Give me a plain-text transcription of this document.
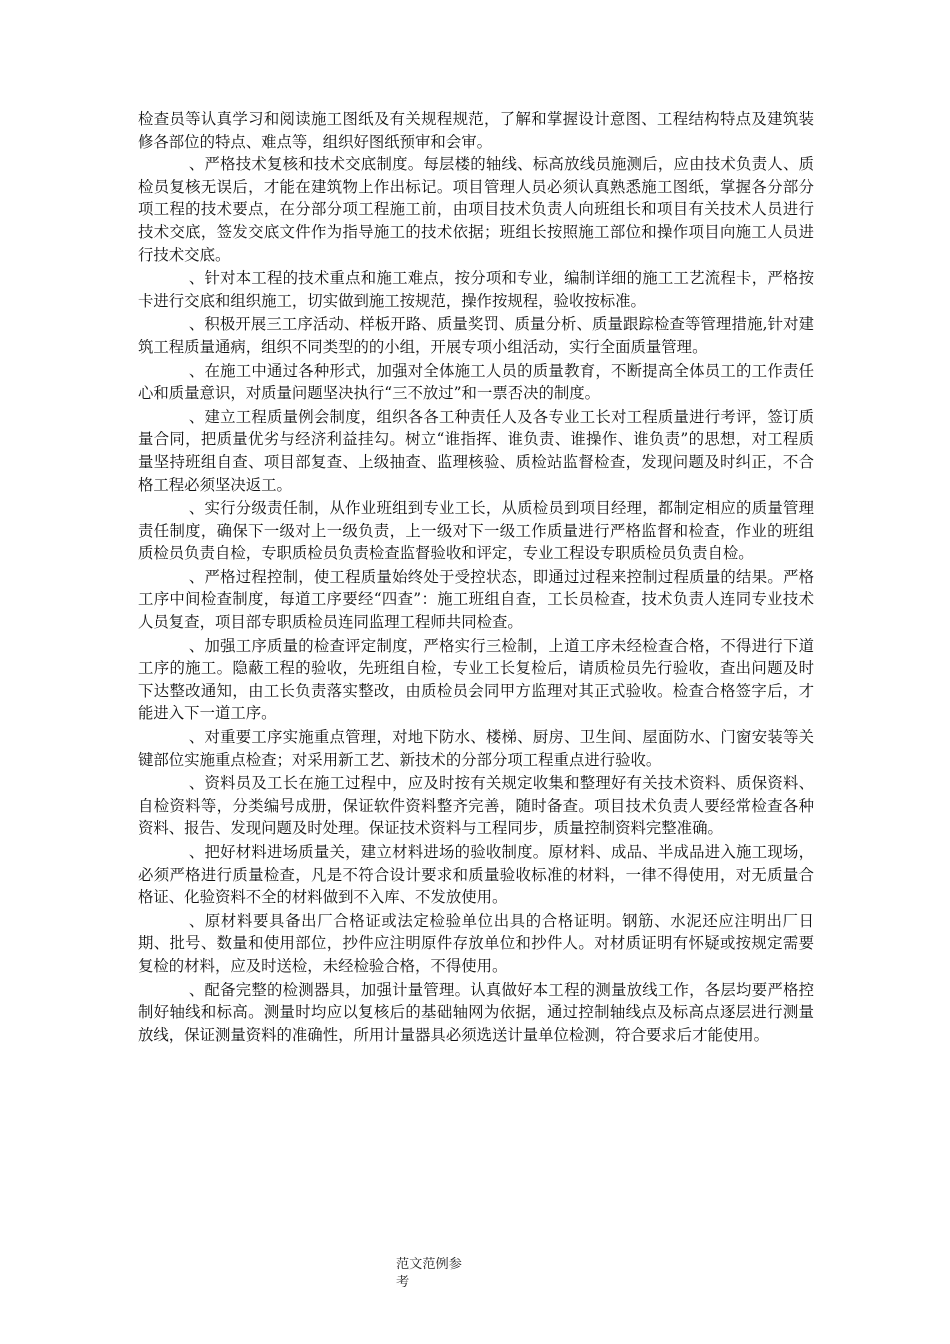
检查员等认真学习和阅读施工图纸及有关规程规范，了解和掌握设计意图、工程结构特点及建筑装修各部位的特点、难点等，组织好图纸预审和会审。

、严格技术复核和技术交底制度。每层楼的轴线、标高放线员施测后，应由技术负责人、质检员复核无误后，才能在建筑物上作出标记。项目管理人员必须认真熟悉施工图纸，掌握各分部分项工程的技术要点，在分部分项工程施工前，由项目技术负责人向班组长和项目有关技术人员进行技术交底，签发交底文件作为指导施工的技术依据；班组长按照施工部位和操作项目向施工人员进行技术交底。

、针对本工程的技术重点和施工难点，按分项和专业，编制详细的施工工艺流程卡，严格按卡进行交底和组织施工，切实做到施工按规范，操作按规程，验收按标准。

、积极开展三工序活动、样板开路、质量奖罚、质量分析、质量跟踪检查等管理措施,针对建筑工程质量通病，组织不同类型的的小组，开展专项小组活动，实行全面质量管理。

、在施工中通过各种形式，加强对全体施工人员的质量教育，不断提高全体员工的工作责任心和质量意识，对质量问题坚决执行“三不放过”和一票否决的制度。

、建立工程质量例会制度，组织各各工种责任人及各专业工长对工程质量进行考评，签订质量合同，把质量优劣与经济利益挂勾。树立“谁指挥、谁负责、谁操作、谁负责”的思想，对工程质量坚持班组自查、项目部复查、上级抽查、监理核验、质检站监督检查，发现问题及时纠正，不合格工程必须坚决返工。

、实行分级责任制，从作业班组到专业工长，从质检员到项目经理，都制定相应的质量管理责任制度，确保下一级对上一级负责，上一级对下一级工作质量进行严格监督和检查，作业的班组质检员负责自检，专职质检员负责检查监督验收和评定，专业工程设专职质检员负责自检。

、严格过程控制，使工程质量始终处于受控状态，即通过过程来控制过程质量的结果。严格工序中间检查制度，每道工序要经“四查”：施工班组自查，工长员检查，技术负责人连同专业技术人员复查，项目部专职质检员连同监理工程师共同检查。

、加强工序质量的检查评定制度，严格实行三检制，上道工序未经检查合格，不得进行下道工序的施工。隐蔽工程的验收，先班组自检，专业工长复检后，请质检员先行验收，查出问题及时下达整改通知，由工长负责落实整改，由质检员会同甲方监理对其正式验收。检查合格签字后，才能进入下一道工序。

、对重要工序实施重点管理，对地下防水、楼梯、厨房、卫生间、屋面防水、门窗安装等关键部位实施重点检查；对采用新工艺、新技术的分部分项工程重点进行验收。

、资料员及工长在施工过程中，应及时按有关规定收集和整理好有关技术资料、质保资料、自检资料等，分类编号成册，保证软件资料整齐完善，随时备查。项目技术负责人要经常检查各种资料、报告、发现问题及时处理。保证技术资料与工程同步，质量控制资料完整准确。

、把好材料进场质量关，建立材料进场的验收制度。原材料、成品、半成品进入施工现场，必须严格进行质量检查，凡是不符合设计要求和质量验收标准的材料，一律不得使用，对无质量合格证、化验资料不全的材料做到不入库、不发放使用。

、原材料要具备出厂合格证或法定检验单位出具的合格证明。钢筋、水泥还应注明出厂日期、批号、数量和使用部位，抄件应注明原件存放单位和抄件人。对材质证明有怀疑或按规定需要复检的材料，应及时送检，未经检验合格，不得使用。

、配备完整的检测器具，加强计量管理。认真做好本工程的测量放线工作，各层均要严格控制好轴线和标高。测量时均应以复核后的基础轴网为依据，通过控制轴线点及标高点逐层进行测量放线，保证测量资料的准确性，所用计量器具必须选送计量单位检测，符合要求后才能使用。

范文范例参
考
